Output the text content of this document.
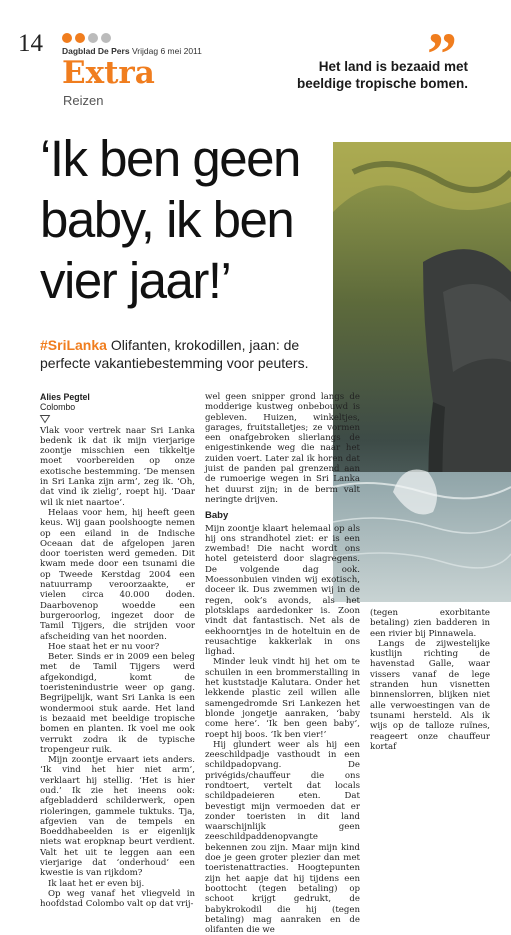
14 Dagblad De Pers Vrijdag 6 mei 2011	”
Extra
Reizen
Het land is bezaaid met beeldige tropische bomen.
‘Ik ben geen baby, ik ben vier jaar!’
#SriLanka Olifanten, krokodillen, jaan: de perfecte vakantiebestemming voor peuters.
Alies Pegtel
Colombo

Vlak voor vertrek naar Sri Lanka bedenk ik dat ik mijn vierjarige zoontje misschien een tikkeltje moet voorbereiden op onze exotische bestemming. ‘De mensen in Sri Lanka zijn arm’, zeg ik. ‘Oh, dat vind ik zielig’, roept hij. ‘Daar wil ik niet naartoe’.

Helaas voor hem, hij heeft geen keus. Wij gaan poolshoogte nemen op een eiland in de Indische Oceaan dat de afgelopen jaren door toeristen werd gemeden. Dit kwam mede door een tsunami die op Tweede Kerstdag 2004 een natuurramp veroorzaakte, er vielen circa 40.000 doden. Daarbovenop woedde een burgeroorlog, ingezet door de Tamil Tijgers, die strijden voor afscheiding van het noorden.

Hoe staat het er nu voor?

Beter. Sinds er in 2009 een beleg met de Tamil Tijgers werd afgekondigd, komt de toeristenindustrie weer op gang. Begrijpelijk, want Sri Lanka is een wondermooi stuk aarde. Het land is bezaaid met beeldige tropische bomen en planten. Ik voel me ook verrukt zodra ik de typische tropengeur ruik.

Mijn zoontje ervaart iets anders. ‘Ik vind het hier niet arm’, verklaart hij stellig. ‘Het is hier oud.’ Ik zie het ineens ook: afgebladderd schilderwerk, open rioleringen, gammele tuktuks. Tja, afgevien van de tempels en Boeddhabeelden is er eigenlijk niets wat eropknap beurt verdient. Valt het uit te leggen aan een vierjarige dat ‘onderhoud’ een kwestie is van rijkdom?

Ik laat het er even bij.

Op weg vanaf het vliegveld in hoofdstad Colombo valt op dat vrij-

wel geen snipper grond langs de modderige kustweg onbebouwd is gebleven. Huizen, winkeltjes, garages, fruitstalletjes; ze vormen een onafgebroken slierlangs de enigestinkende weg die naar het zuiden voert. Later zal ik horen dat juist de panden pal grenzend aan de rumoerige wegen in Sri Lanka het duurst zijn; in de berm valt neringte drijven.

Baby

Mijn zoontje klaart helemaal op als hij ons strandhotel ziet: er is een zwembad! Die nacht wordt ons hotel geteisterd door slagregens. De volgende dag ook. Moessonbuien vinden wij exotisch, doceer ik. Dus zwemmen wij in de regen, ook’s avonds, als het plotsklaps aardedonker is. Zoon vindt dat fantastisch. Net als de eekhoorntjes in de hoteltuin en de reusachtige kakkerlak in ons lighad.

Minder leuk vindt hij het om te schuilen in een brommerstalling in het kuststadje Kalutara. Onder het lekkende plastic zeil willen alle samengedromde Sri Lankezen het blonde jongetje aanraken, ‘baby come here’. ‘Ik ben geen baby’, roept hij boos. ‘Ik ben vier!’

Hij glundert weer als hij een zeeschildpadje vasthoudt in een schildpadopvang. De privégids/chauffeur die ons rondtoert, vertelt dat locals schildpadeieren eten. Dat bevestigt mijn vermoeden dat er zonder toeristen in dit land waarschijnlijk geen zeeschildpaddenopvangte bekennen zou zijn. Maar mijn kind doe je geen groter plezier dan met toeristenattracties. Hoogtepunten zijn het aapje dat hij tijdens een boottocht (tegen betaling) op schoot krijgt gedrukt, de babykrokodil die hij (tegen betaling) mag aanraken en de olifanten die we

(tegen exorbitante betaling) zien badderen in een rivier bij Pinnawela.

Langs de zijwestelijke kustlijn richting de havenstad Galle, waar vissers vanaf de lege stranden hun visnetten binnenslorren, blijken niet alle verwoestingen van de tsunami hersteld. Als ik wijs op de talloze ruïnes, reageert onze chauffeur kortaf
